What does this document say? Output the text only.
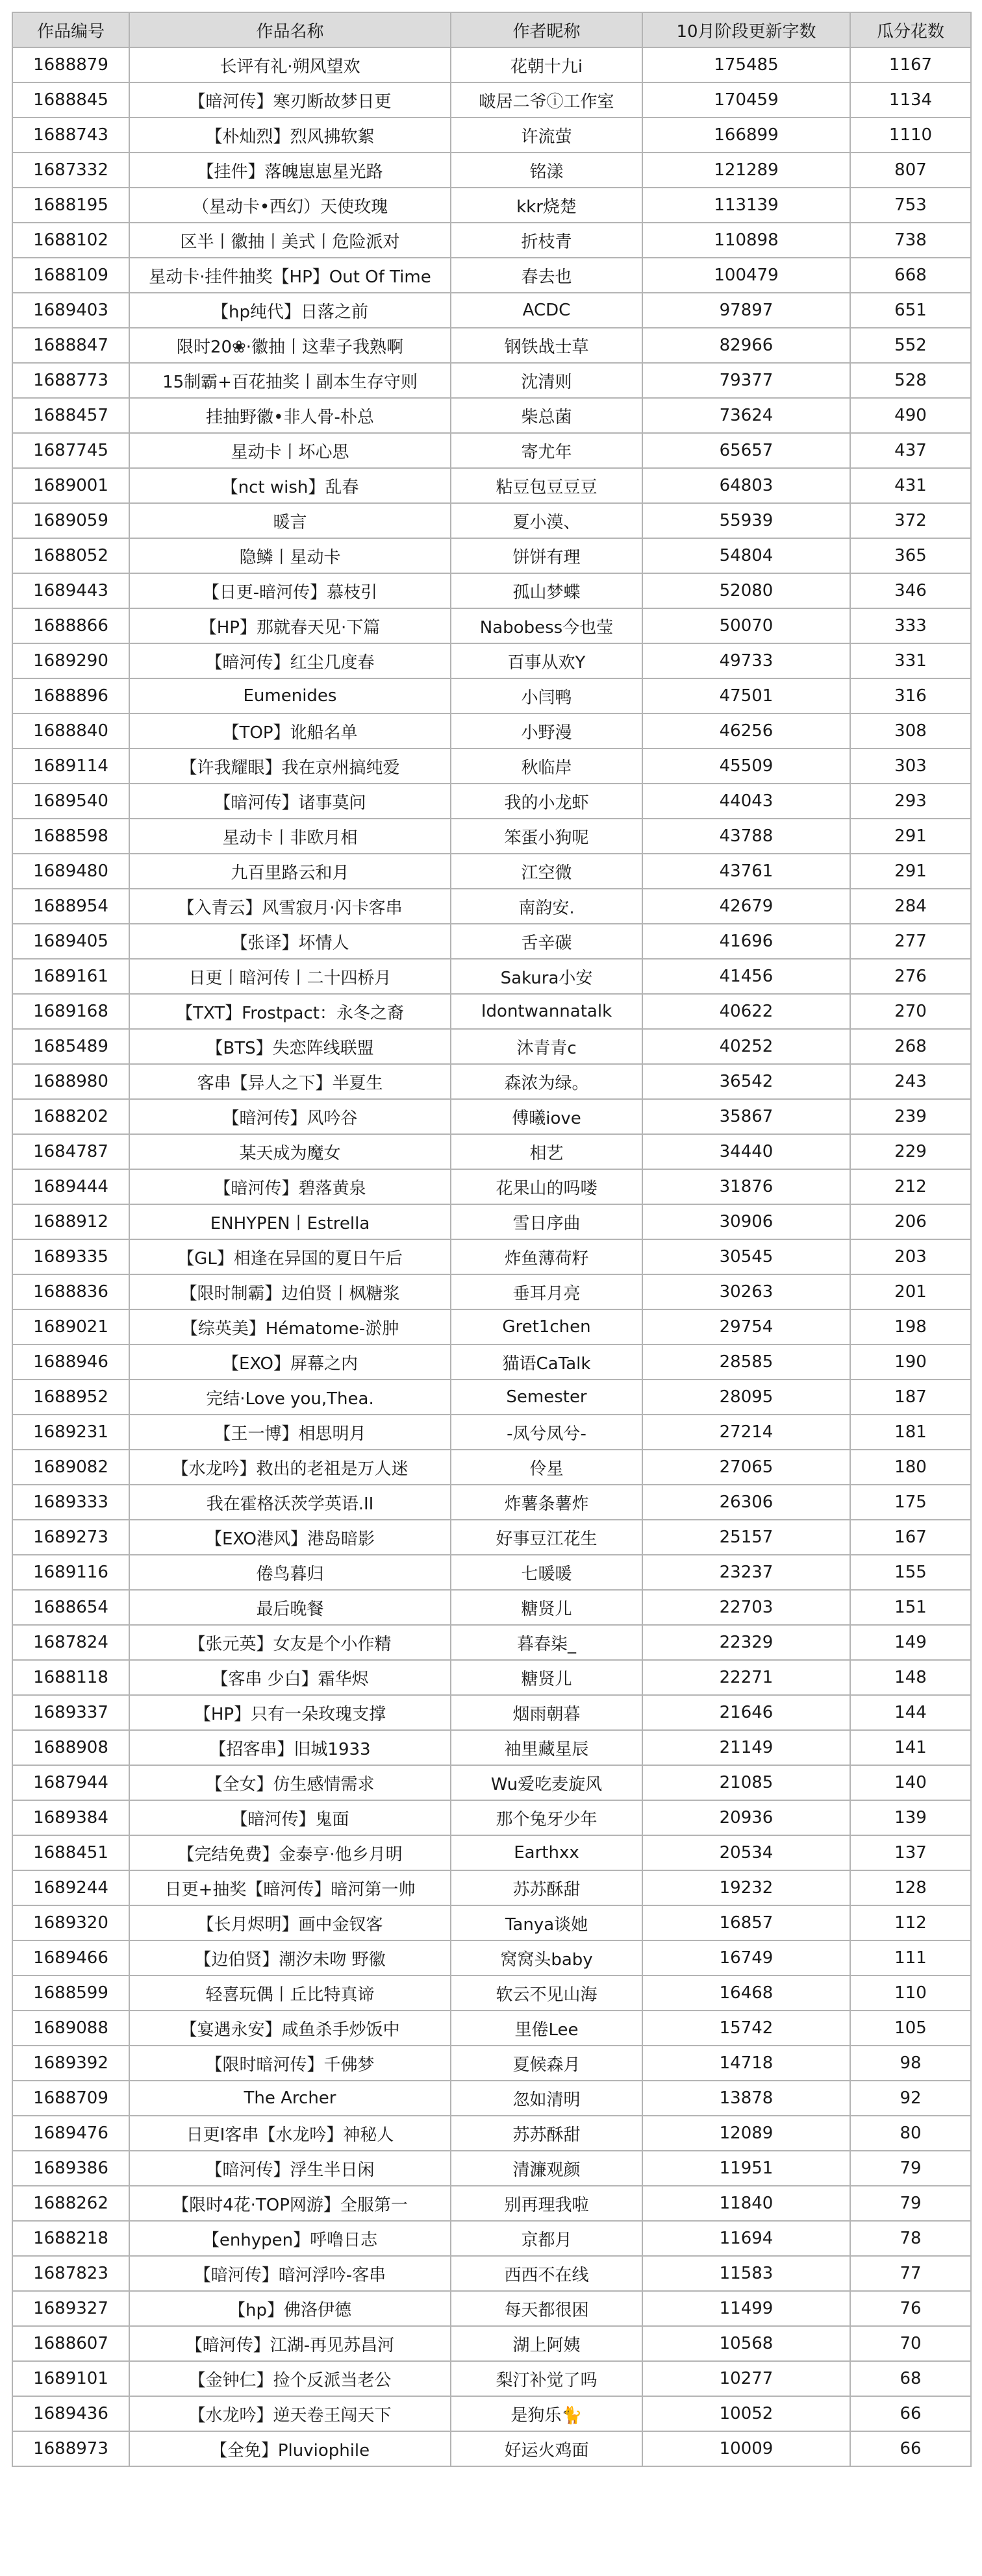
作品编号	作品名称	作者昵称	10月阶段更新字数	瓜分花数
1688879	长评有礼·朔风望欢	花朝十九i	175485	1167
1688845	【暗河传】寒刃断故梦日更	啵居二爷ⓘ工作室	170459	1134
1688743	【朴灿烈】烈风拂软絮	许流萤	166899	1110
1687332	【挂件】落魄崽崽星光路	铭漾	121289	807
1688195	（星动卡•西幻）天使玫瑰	kkr烧楚	113139	753
1688102	区半丨徽抽丨美式丨危险派对	折枝青	110898	738
1688109	星动卡·挂件抽奖【HP】Out Of Time	春去也	100479	668
1689403	【hp纯代】日落之前	ACDC	97897	651
1688847	限时20❀·徽抽丨这辈子我熟啊	钢铁战士草	82966	552
1688773	15制霸+百花抽奖丨副本生存守则	沈清则	79377	528
1688457	挂抽野徽•非人骨-朴总	柴总菌	73624	490
1687745	星动卡丨坏心思	寄尤年	65657	437
1689001	【nct wish】乱春	粘豆包豆豆豆	64803	431
1689059	暖言	夏小漠、	55939	372
1688052	隐鳞丨星动卡	饼饼有理	54804	365
1689443	【日更-暗河传】慕枝引	孤山梦蝶	52080	346
1688866	【HP】那就春天见·下篇	Nabobess今也莹	50070	333
1689290	【暗河传】红尘几度春	百事从欢Y	49733	331
1688896	Eumenides	小闫鸭	47501	316
1688840	【TOP】讹船名单	小野漫	46256	308
1689114	【许我耀眼】我在京州搞纯爱	秋临岸	45509	303
1689540	【暗河传】诸事莫问	我的小龙虾	44043	293
1688598	星动卡丨非欧月相	笨蛋小狗呢	43788	291
1689480	九百里路云和月	江空微	43761	291
1688954	【入青云】风雪寂月·闪卡客串	南韵安.	42679	284
1689405	【张译】坏情人	舌辛碳	41696	277
1689161	日更丨暗河传丨二十四桥月	Sakura小安	41456	276
1689168	【TXT】Frostpact：永冬之裔	Idontwannatalk	40622	270
1685489	【BTS】失恋阵线联盟	沐青青c	40252	268
1688980	客串【异人之下】半夏生	森浓为绿。	36542	243
1688202	【暗河传】风吟谷	傅曦iove	35867	239
1684787	某天成为魔女	相艺	34440	229
1689444	【暗河传】碧落黄泉	花果山的吗喽	31876	212
1688912	ENHYPEN丨Estrella	雪日序曲	30906	206
1689335	【GL】相逢在异国的夏日午后	炸鱼薄荷籽	30545	203
1688836	【限时制霸】边伯贤丨枫糖浆	垂耳月亮	30263	201
1689021	【综英美】Hématome-淤肿	Gret1chen	29754	198
1688946	【EXO】屏幕之内	猫语CaTalk	28585	190
1688952	完结·Love you,Thea.	Semester	28095	187
1689231	【王一博】相思明月	-凤兮凤兮-	27214	181
1689082	【水龙吟】救出的老祖是万人迷	伶星	27065	180
1689333	我在霍格沃茨学英语.II	炸薯条薯炸	26306	175
1689273	【EXO港风】港岛暗影	好事豆江花生	25157	167
1689116	倦鸟暮归	七暖暖	23237	155
1688654	最后晚餐	糖贤儿	22703	151
1687824	【张元英】女友是个小作精	暮春柒_	22329	149
1688118	【客串 少白】霜华烬	糖贤儿	22271	148
1689337	【HP】只有一朵玫瑰支撑	烟雨朝暮	21646	144
1688908	【招客串】旧城1933	袖里藏星辰	21149	141
1687944	【全女】仿生感情需求	Wu爱吃麦旋风	21085	140
1689384	【暗河传】鬼面	那个兔牙少年	20936	139
1688451	【完结免费】金泰亨·他乡月明	Earthxx	20534	137
1689244	日更+抽奖【暗河传】暗河第一帅	苏苏酥甜	19232	128
1689320	【长月烬明】画中金钗客	Tanya谈她	16857	112
1689466	【边伯贤】潮汐未吻 野徽	窝窝头baby	16749	111
1688599	轻喜玩偶丨丘比特真谛	软云不见山海	16468	110
1689088	【宴遇永安】咸鱼杀手炒饭中	里倦Lee	15742	105
1689392	【限时暗河传】千佛梦	夏候森月	14718	98
1688709	The Archer	忽如清明	13878	92
1689476	日更I客串【水龙吟】神秘人	苏苏酥甜	12089	80
1689386	【暗河传】浮生半日闲	清濂观颜	11951	79
1688262	【限时4花·TOP网游】全服第一	别再理我啦	11840	79
1688218	【enhypen】呼噜日志	京都月	11694	78
1687823	【暗河传】暗河浮吟-客串	西西不在线	11583	77
1689327	【hp】佛洛伊德	每天都很困	11499	76
1688607	【暗河传】江湖-再见苏昌河	湖上阿姨	10568	70
1689101	【金钟仁】捡个反派当老公	梨汀补觉了吗	10277	68
1689436	【水龙吟】逆天卷王闯天下	是狗乐🐈	10052	66
1688973	【全免】Pluviophile	好运火鸡面	10009	66
